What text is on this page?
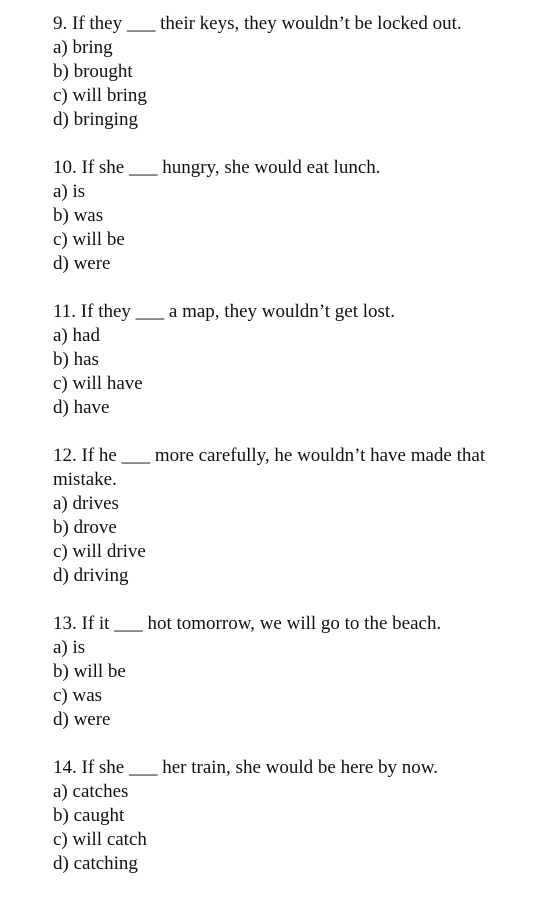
9. If they ___ their keys, they wouldn’t be locked out.
a) bring
b) brought
c) will bring
d) bringing
10. If she ___ hungry, she would eat lunch.
a) is
b) was
c) will be
d) were
11. If they ___ a map, they wouldn’t get lost.
a) had
b) has
c) will have
d) have
12. If he ___ more carefully, he wouldn’t have made that mistake.
a) drives
b) drove
c) will drive
d) driving
13. If it ___ hot tomorrow, we will go to the beach.
a) is
b) will be
c) was
d) were
14. If she ___ her train, she would be here by now.
a) catches
b) caught
c) will catch
d) catching
